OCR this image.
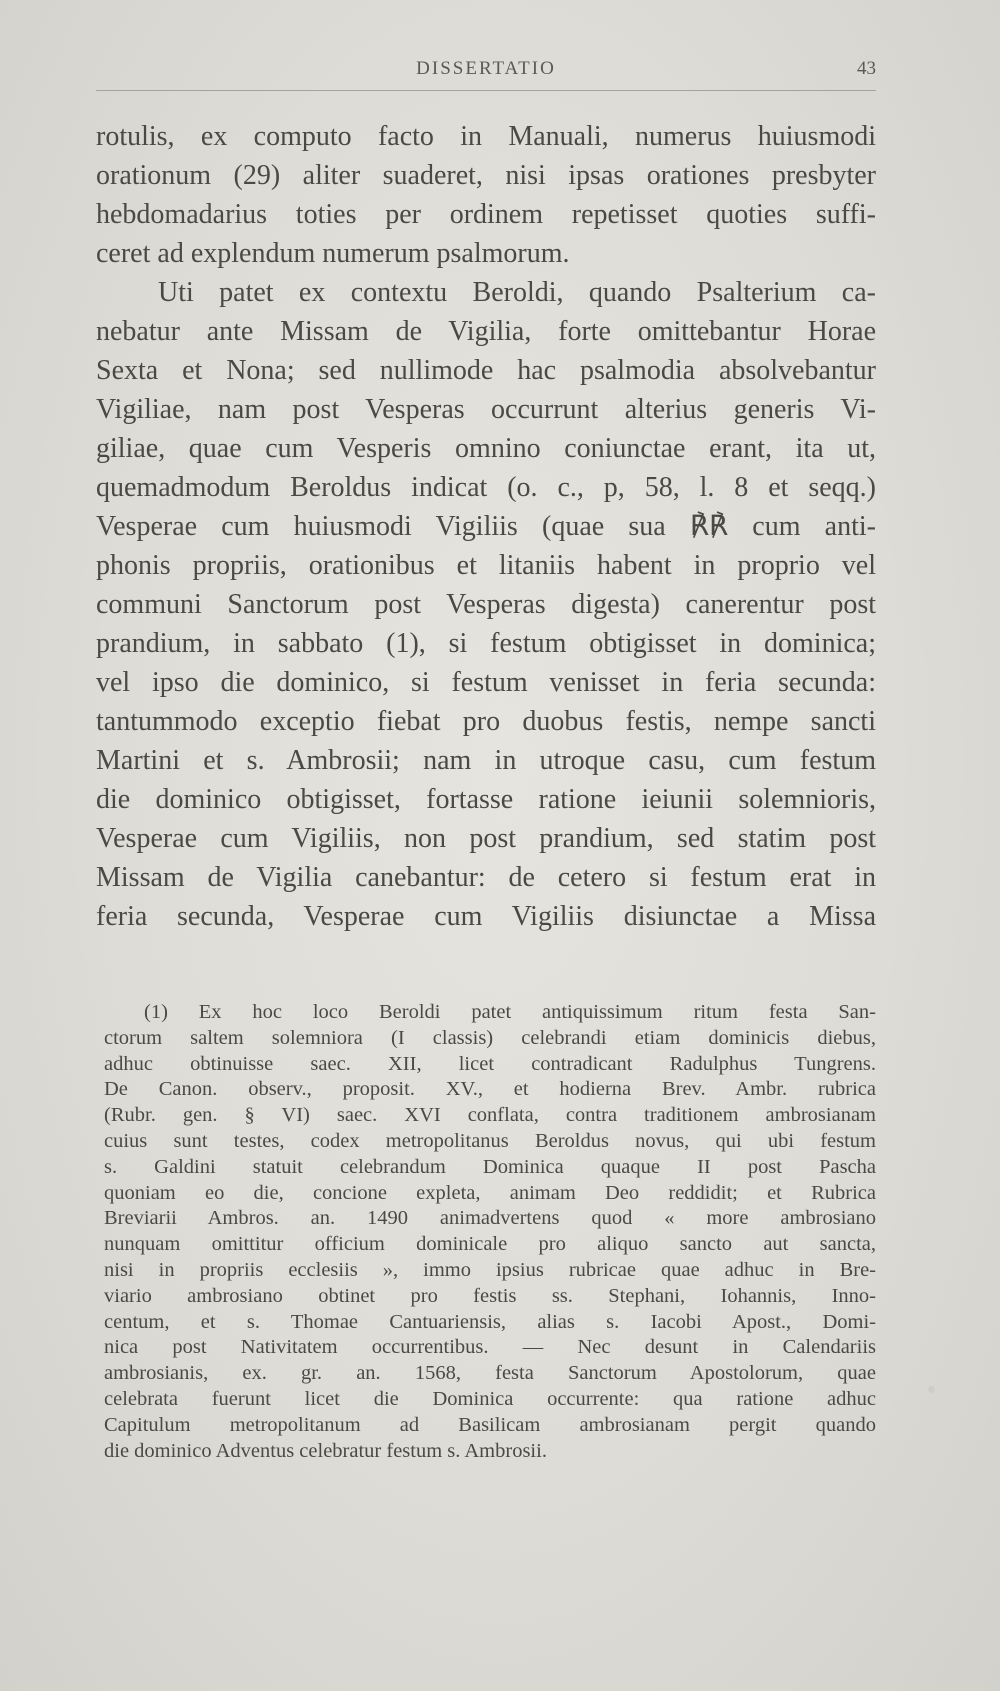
DISSERTATIO	43
rotulis, ex computo facto in Manuali, numerus huiusmodi
orationum (29) aliter suaderet, nisi ipsas orationes presbyter
hebdomadarius toties per ordinem repetisset quoties suffi-
ceret ad explendum numerum psalmorum.
Uti patet ex contextu Beroldi, quando Psalterium ca-
nebatur ante Missam de Vigilia, forte omittebantur Horae
Sexta et Nona; sed nullimode hac psalmodia absolvebantur
Vigiliae, nam post Vesperas occurrunt alterius generis Vi-
giliae, quae cum Vesperis omnino coniunctae erant, ita ut,
quemadmodum Beroldus indicat (o. c., p, 58, l. 8 et seqq.)
Vesperae cum huiusmodi Vigiliis (quae sua ℟℟ cum anti-
phonis propriis, orationibus et litaniis habent in proprio vel
communi Sanctorum post Vesperas digesta) canerentur post
prandium, in sabbato (1), si festum obtigisset in dominica;
vel ipso die dominico, si festum venisset in feria secunda:
tantummodo exceptio fiebat pro duobus festis, nempe sancti
Martini et s. Ambrosii; nam in utroque casu, cum festum
die dominico obtigisset, fortasse ratione ieiunii solemnioris,
Vesperae cum Vigiliis, non post prandium, sed statim post
Missam de Vigilia canebantur: de cetero si festum erat in
feria secunda, Vesperae cum Vigiliis disiunctae a Missa
(1) Ex hoc loco Beroldi patet antiquissimum ritum festa San-
ctorum saltem solemniora (I classis) celebrandi etiam dominicis diebus,
adhuc obtinuisse saec. XII, licet contradicant Radulphus Tungrens.
De Canon. observ., proposit. XV., et hodierna Brev. Ambr. rubrica
(Rubr. gen. § VI) saec. XVI conflata, contra traditionem ambrosianam
cuius sunt testes, codex metropolitanus Beroldus novus, qui ubi festum
s. Galdini statuit celebrandum Dominica quaque II post Pascha
quoniam eo die, concione expleta, animam Deo reddidit; et Rubrica
Breviarii Ambros. an. 1490 animadvertens quod « more ambrosiano
nunquam omittitur officium dominicale pro aliquo sancto aut sancta,
nisi in propriis ecclesiis », immo ipsius rubricae quae adhuc in Bre-
viario ambrosiano obtinet pro festis ss. Stephani, Iohannis, Inno-
centum, et s. Thomae Cantuariensis, alias s. Iacobi Apost., Domi-
nica post Nativitatem occurrentibus. — Nec desunt in Calendariis
ambrosianis, ex. gr. an. 1568, festa Sanctorum Apostolorum, quae
celebrata fuerunt licet die Dominica occurrente: qua ratione adhuc
Capitulum metropolitanum ad Basilicam ambrosianam pergit quando
die dominico Adventus celebratur festum s. Ambrosii.
